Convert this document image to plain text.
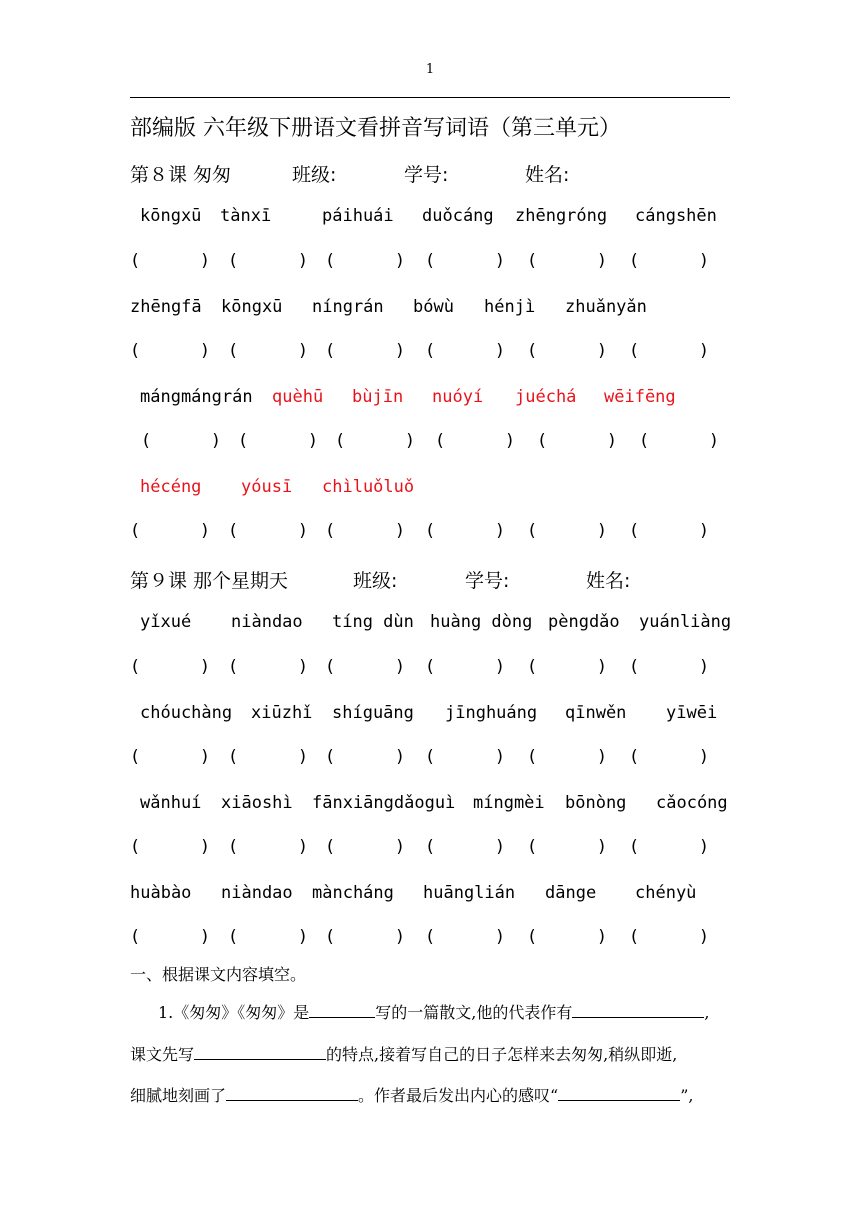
1
部编版 六年级下册语文看拼音写词语（第三单元）
第８课 匆匆	班级:	学号:	姓名:
kōngxū tànxī	páihuái duǒcáng zhēngróng cángshēn
(	) (	) (	) (	) (	) (	)
zhēngfā kōngxū níngrán bówù hénjì zhuǎnyǎn
(	) (	) (	) (	) (	) (	)
mángmángrán quèhū bùjīn nuóyí juéchá wēifēng
(	) (	) (	) (	) (	) (	)
hécéng yóusī chìluǒluǒ
(	) (	) (	) (	) (	) (	)
第９课 那个星期天	班级:	学号:	姓名:
yǐxué niàndao tíng dùn huàng dòng pèngdǎo yuánliàng
(	) (	) (	) (	) (	) (	)
chóuchàng xiūzhǐ shíguāng jīnghuáng qīnwěn yīwēi
(	) (	) (	) (	) (	) (	)
wǎnhuí xiāoshì fānxiāngdǎoguì míngmèi bōnòng cǎocóng
(	) (	) (	) (	) (	) (	)
huàbào niàndao màncháng huānglián dānge chényù
(	) (	) (	) (	) (	) (	)
一、根据课文内容填空。
1.《匆匆》《匆匆》是	写的一篇散文,他的代表作有	,
课文先写	的特点,接着写自己的日子怎样来去匆匆,稍纵即逝,
细腻地刻画了	。作者最后发出内心的感叹“	”,
